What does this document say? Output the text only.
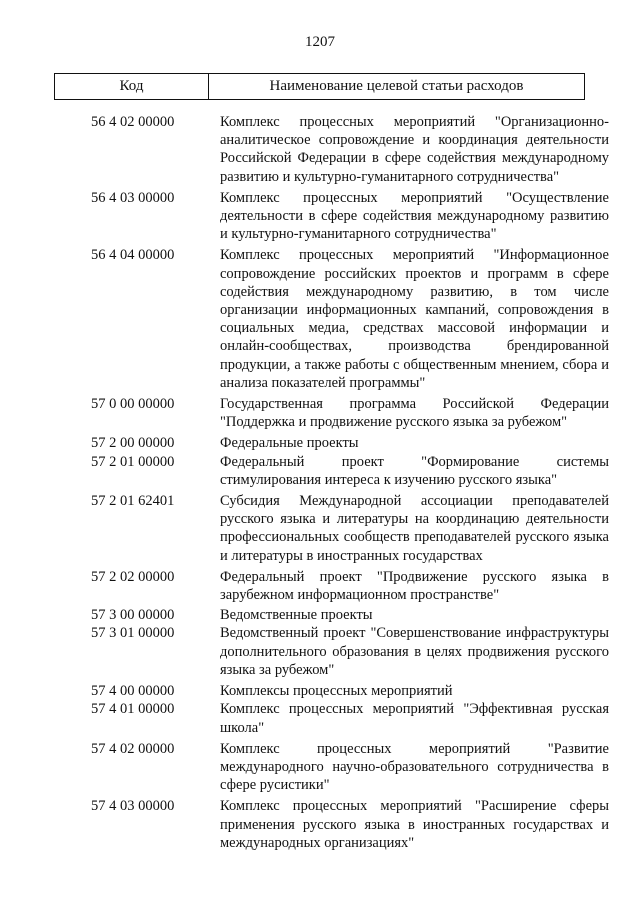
1207
Код	Наименование целевой статьи расходов
56 4 02 00000	Комплекс процессных мероприятий "Организационно-аналитическое сопровождение и координация деятельности Российской Федерации в сфере содействия международному развитию и культурно-гуманитарного сотрудничества"
56 4 03 00000	Комплекс процессных мероприятий "Осуществление деятельности в сфере содействия международному развитию и культурно-гуманитарного сотрудничества"
56 4 04 00000	Комплекс процессных мероприятий "Информационное сопровождение российских проектов и программ в сфере содействия международному развитию, в том числе организации информационных кампаний, сопровождения в социальных медиа, средствах массовой информации и онлайн-сообществах, производства брендированной продукции, а также работы с общественным мнением, сбора и анализа показателей программы"
57 0 00 00000	Государственная программа Российской Федерации "Поддержка и продвижение русского языка за рубежом"
57 2 00 00000	Федеральные проекты
57 2 01 00000	Федеральный проект "Формирование системы стимулирования интереса к изучению русского языка"
57 2 01 62401	Субсидия Международной ассоциации преподавателей русского языка и литературы на координацию деятельности профессиональных сообществ преподавателей русского языка и литературы в иностранных государствах
57 2 02 00000	Федеральный проект "Продвижение русского языка в зарубежном информационном пространстве"
57 3 00 00000	Ведомственные проекты
57 3 01 00000	Ведомственный проект "Совершенствование инфраструктуры дополнительного образования в целях продвижения русского языка за рубежом"
57 4 00 00000	Комплексы процессных мероприятий
57 4 01 00000	Комплекс процессных мероприятий "Эффективная русская школа"
57 4 02 00000	Комплекс процессных мероприятий "Развитие международного научно-образовательного сотрудничества в сфере русистики"
57 4 03 00000	Комплекс процессных мероприятий "Расширение сферы применения русского языка в иностранных государствах и международных организациях"
